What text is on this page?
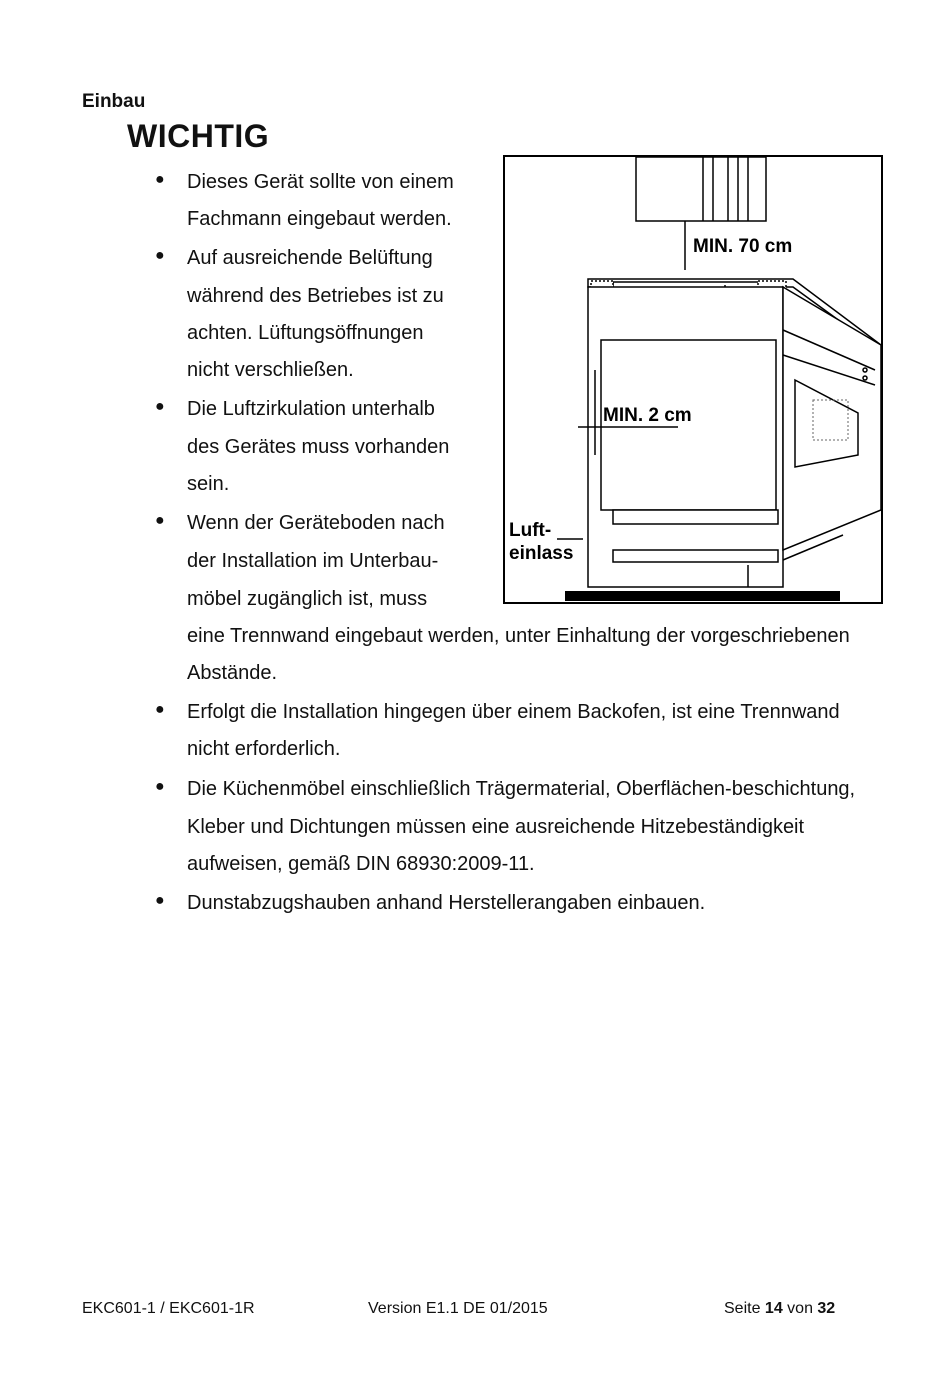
Einbau
WICHTIG
● Dieses Gerät sollte von einem
Fachmann eingebaut werden.
● Auf ausreichende Belüftung
während des Betriebes ist zu
achten. Lüftungsöffnungen
nicht verschließen.
● Die Luftzirkulation unterhalb
des Gerätes muss vorhanden
sein.
● Wenn der Geräteboden nach
der Installation im Unterbau-
möbel zugänglich ist, muss
eine Trennwand eingebaut werden, unter Einhaltung der vorgeschriebenen
Abstände.
● Erfolgt die Installation hingegen über einem Backofen, ist eine Trennwand
nicht erforderlich.
● Die Küchenmöbel einschließlich Trägermaterial, Oberflächen-beschichtung,
Kleber und Dichtungen müssen eine ausreichende Hitzebeständigkeit
aufweisen, gemäß DIN 68930:2009-11.
● Dunstabzugshauben anhand Herstellerangaben einbauen.
MIN. 70 cm
MIN. 2 cm
Luft-
einlass
EKC601-1 / EKC601-1R	Version E1.1 DE 01/2015	Seite 14 von 32
